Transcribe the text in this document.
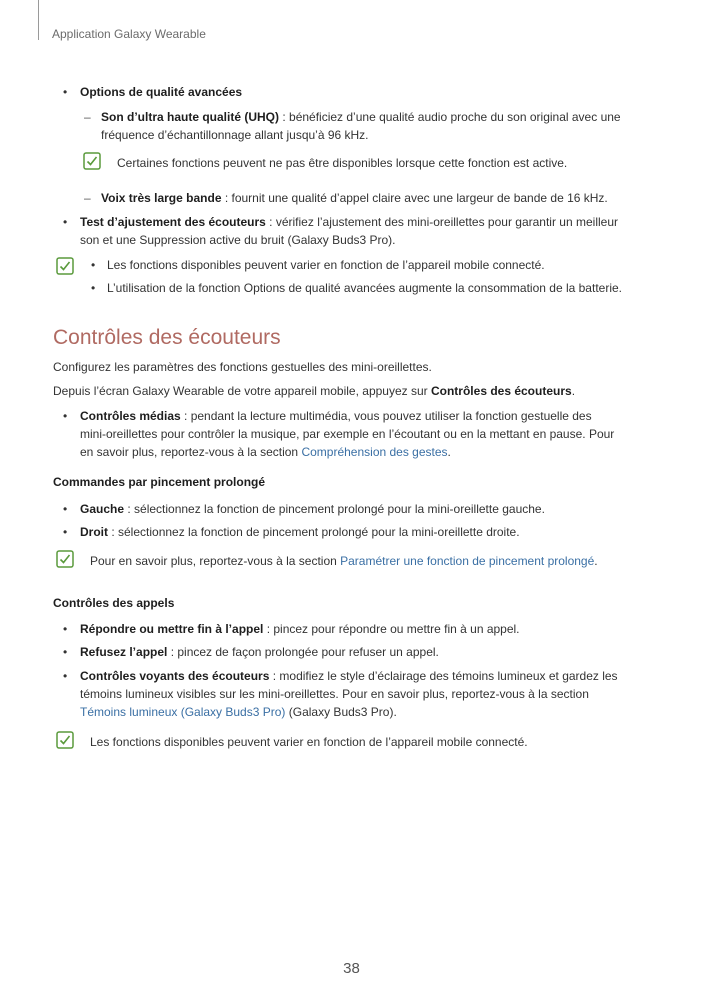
Application Galaxy Wearable
• Options de qualité avancées
– Son d’ultra haute qualité (UHQ) : bénéficiez d’une qualité audio proche du son original avec une
fréquence d’échantillonnage allant jusqu’à 96 kHz.
Certaines fonctions peuvent ne pas être disponibles lorsque cette fonction est active.
– Voix très large bande : fournit une qualité d’appel claire avec une largeur de bande de 16 kHz.
• Test d’ajustement des écouteurs : vérifiez l’ajustement des mini-oreillettes pour garantir un meilleur
son et une Suppression active du bruit (Galaxy Buds3 Pro).
• Les fonctions disponibles peuvent varier en fonction de l’appareil mobile connecté.
• L’utilisation de la fonction Options de qualité avancées augmente la consommation de la batterie.
Contrôles des écouteurs
Configurez les paramètres des fonctions gestuelles des mini-oreillettes.
Depuis l’écran Galaxy Wearable de votre appareil mobile, appuyez sur Contrôles des écouteurs.
• Contrôles médias : pendant la lecture multimédia, vous pouvez utiliser la fonction gestuelle des
mini-oreillettes pour contrôler la musique, par exemple en l’écoutant ou en la mettant en pause. Pour
en savoir plus, reportez-vous à la section Compréhension des gestes.
Commandes par pincement prolongé
• Gauche : sélectionnez la fonction de pincement prolongé pour la mini-oreillette gauche.
• Droit : sélectionnez la fonction de pincement prolongé pour la mini-oreillette droite.
Pour en savoir plus, reportez-vous à la section Paramétrer une fonction de pincement prolongé.
Contrôles des appels
• Répondre ou mettre fin à l’appel : pincez pour répondre ou mettre fin à un appel.
• Refusez l’appel : pincez de façon prolongée pour refuser un appel.
• Contrôles voyants des écouteurs : modifiez le style d’éclairage des témoins lumineux et gardez les
témoins lumineux visibles sur les mini-oreillettes. Pour en savoir plus, reportez-vous à la section
Témoins lumineux (Galaxy Buds3 Pro) (Galaxy Buds3 Pro).
Les fonctions disponibles peuvent varier en fonction de l’appareil mobile connecté.
38
